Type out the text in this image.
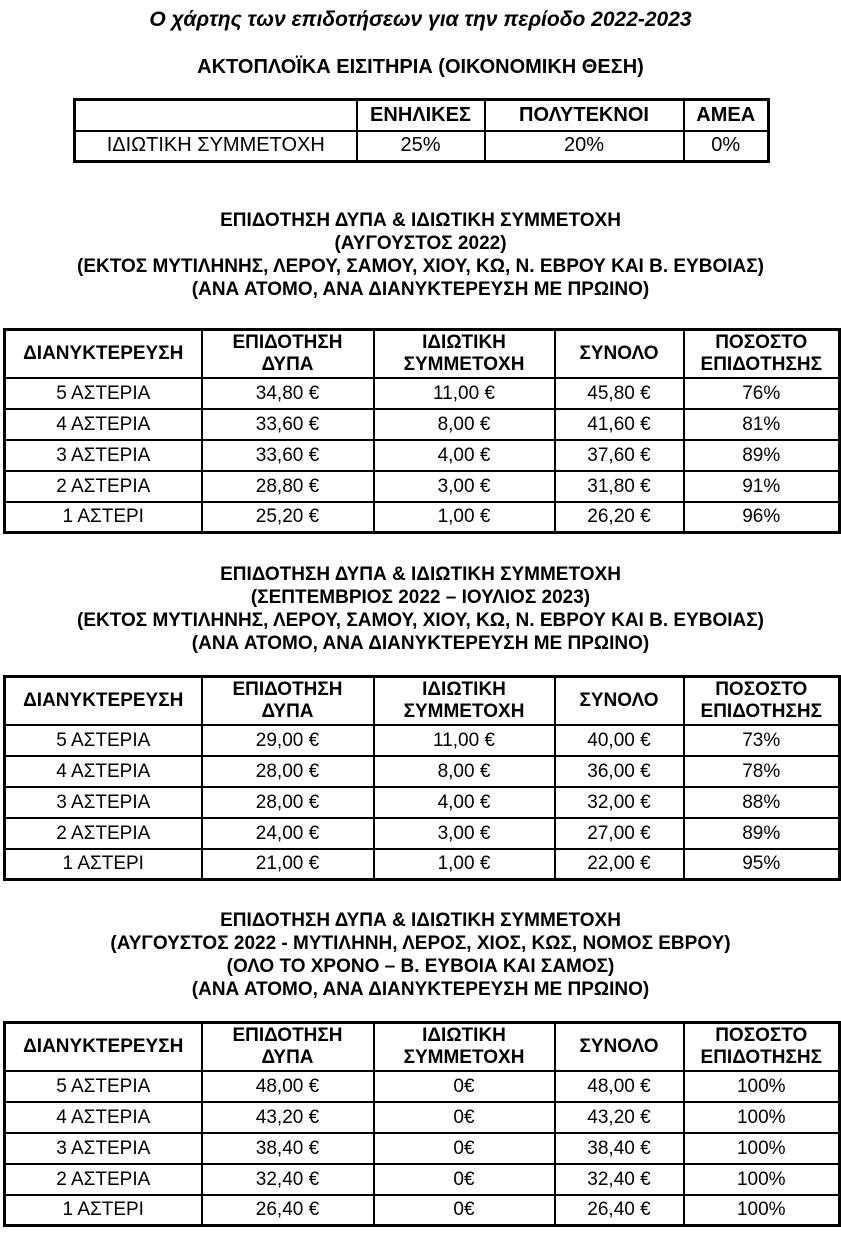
Ο χάρτης των επιδοτήσεων για την περίοδο 2022-2023
ΑΚΤΟΠΛΟΪΚΑ ΕΙΣΙΤΗΡΙΑ (ΟΙΚΟΝΟΜΙΚΗ ΘΕΣΗ)
	ΕΝΗΛΙΚΕΣ	ΠΟΛΥΤΕΚΝΟΙ	ΑΜΕΑ
ΙΔΙΩΤΙΚΗ ΣΥΜΜΕΤΟΧΗ	25%	20%	0%
ΕΠΙΔΟΤΗΣΗ ΔΥΠΑ & ΙΔΙΩΤΙΚΗ ΣΥΜΜΕΤΟΧΗ
(ΑΥΓΟΥΣΤΟΣ 2022)
(ΕΚΤΟΣ ΜΥΤΙΛΗΝΗΣ, ΛΕΡΟΥ, ΣΑΜΟΥ, ΧΙΟΥ, ΚΩ, Ν. ΕΒΡΟΥ ΚΑΙ Β. ΕΥΒΟΙΑΣ)
(ΑΝΑ ΑΤΟΜΟ, ΑΝΑ ΔΙΑΝΥΚΤΕΡΕΥΣΗ ΜΕ ΠΡΩΙΝΟ)
ΔΙΑΝΥΚΤΕΡΕΥΣΗ	ΕΠΙΔΟΤΗΣΗ ΔΥΠΑ	ΙΔΙΩΤΙΚΗ ΣΥΜΜΕΤΟΧΗ	ΣΥΝΟΛΟ	ΠΟΣΟΣΤΟ ΕΠΙΔΟΤΗΣΗΣ
5 ΑΣΤΕΡΙΑ	34,80 €	11,00 €	45,80 €	76%
4 ΑΣΤΕΡΙΑ	33,60 €	8,00 €	41,60 €	81%
3 ΑΣΤΕΡΙΑ	33,60 €	4,00 €	37,60 €	89%
2 ΑΣΤΕΡΙΑ	28,80 €	3,00 €	31,80 €	91%
1 ΑΣΤΕΡΙ	25,20 €	1,00 €	26,20 €	96%
ΕΠΙΔΟΤΗΣΗ ΔΥΠΑ & ΙΔΙΩΤΙΚΗ ΣΥΜΜΕΤΟΧΗ
(ΣΕΠΤΕΜΒΡΙΟΣ 2022 – ΙΟΥΛΙΟΣ 2023)
(ΕΚΤΟΣ ΜΥΤΙΛΗΝΗΣ, ΛΕΡΟΥ, ΣΑΜΟΥ, ΧΙΟΥ, ΚΩ, Ν. ΕΒΡΟΥ ΚΑΙ Β. ΕΥΒΟΙΑΣ)
(ΑΝΑ ΑΤΟΜΟ, ΑΝΑ ΔΙΑΝΥΚΤΕΡΕΥΣΗ ΜΕ ΠΡΩΙΝΟ)
ΔΙΑΝΥΚΤΕΡΕΥΣΗ	ΕΠΙΔΟΤΗΣΗ ΔΥΠΑ	ΙΔΙΩΤΙΚΗ ΣΥΜΜΕΤΟΧΗ	ΣΥΝΟΛΟ	ΠΟΣΟΣΤΟ ΕΠΙΔΟΤΗΣΗΣ
5 ΑΣΤΕΡΙΑ	29,00 €	11,00 €	40,00 €	73%
4 ΑΣΤΕΡΙΑ	28,00 €	8,00 €	36,00 €	78%
3 ΑΣΤΕΡΙΑ	28,00 €	4,00 €	32,00 €	88%
2 ΑΣΤΕΡΙΑ	24,00 €	3,00 €	27,00 €	89%
1 ΑΣΤΕΡΙ	21,00 €	1,00 €	22,00 €	95%
ΕΠΙΔΟΤΗΣΗ ΔΥΠΑ & ΙΔΙΩΤΙΚΗ ΣΥΜΜΕΤΟΧΗ
(ΑΥΓΟΥΣΤΟΣ 2022 - ΜΥΤΙΛΗΝΗ, ΛΕΡΟΣ, ΧΙΟΣ, ΚΩΣ, ΝΟΜΟΣ ΕΒΡΟΥ)
(ΟΛΟ ΤΟ ΧΡΟΝΟ – Β. ΕΥΒΟΙΑ ΚΑΙ ΣΑΜΟΣ)
(ΑΝΑ ΑΤΟΜΟ, ΑΝΑ ΔΙΑΝΥΚΤΕΡΕΥΣΗ ΜΕ ΠΡΩΙΝΟ)
ΔΙΑΝΥΚΤΕΡΕΥΣΗ	ΕΠΙΔΟΤΗΣΗ ΔΥΠΑ	ΙΔΙΩΤΙΚΗ ΣΥΜΜΕΤΟΧΗ	ΣΥΝΟΛΟ	ΠΟΣΟΣΤΟ ΕΠΙΔΟΤΗΣΗΣ
5 ΑΣΤΕΡΙΑ	48,00 €	0€	48,00 €	100%
4 ΑΣΤΕΡΙΑ	43,20 €	0€	43,20 €	100%
3 ΑΣΤΕΡΙΑ	38,40 €	0€	38,40 €	100%
2 ΑΣΤΕΡΙΑ	32,40 €	0€	32,40 €	100%
1 ΑΣΤΕΡΙ	26,40 €	0€	26,40 €	100%
